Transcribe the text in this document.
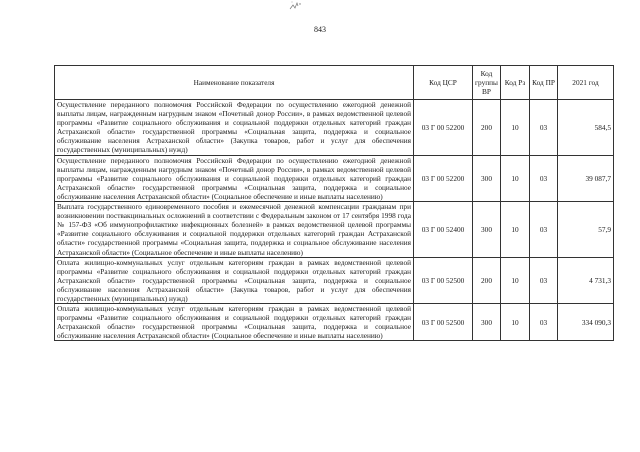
843
Наименование показателя	Код ЦСР	Код группы ВР	Код Рз	Код ПР	2021 год
Осуществление переданного полномочия Российской Федерации по осуществлению ежегодной денежной выплаты лицам, награжденным нагрудным знаком «Почетный донор России», в рамках ведомственной целевой программы «Развитие социального обслуживания и социальной поддержки отдельных категорий граждан Астраханской области» государственной программы «Социальная защита, поддержка и социальное обслуживание населения Астраханской области» (Закупка товаров, работ и услуг для обеспечения государственных (муниципальных) нужд)	03 Г 00 52200	200	10	03	584,5
Осуществление переданного полномочия Российской Федерации по осуществлению ежегодной денежной выплаты лицам, награжденным нагрудным знаком «Почетный донор России», в рамках ведомственной целевой программы «Развитие социального обслуживания и социальной поддержки отдельных категорий граждан Астраханской области» государственной программы «Социальная защита, поддержка и социальное обслуживание населения Астраханской области» (Социальное обеспечение и иные выплаты населению)	03 Г 00 52200	300	10	03	39 087,7
Выплата государственного единовременного пособия и ежемесячной денежной компенсации гражданам при возникновении поствакцинальных осложнений в соответствии с Федеральным законом от 17 сентября 1998 года № 157-ФЗ «Об иммунопрофилактике инфекционных болезней» в рамках ведомственной целевой программы «Развитие социального обслуживания и социальной поддержки отдельных категорий граждан Астраханской области» государственной программы «Социальная защита, поддержка и социальное обслуживание населения Астраханской области» (Социальное обеспечение и иные выплаты населению)	03 Г 00 52400	300	10	03	57,9
Оплата жилищно-коммунальных услуг отдельным категориям граждан в рамках ведомственной целевой программы «Развитие социального обслуживания и социальной поддержки отдельных категорий граждан Астраханской области» государственной программы «Социальная защита, поддержка и социальное обслуживание населения Астраханской области» (Закупка товаров, работ и услуг для обеспечения государственных (муниципальных) нужд)	03 Г 00 52500	200	10	03	4 731,3
Оплата жилищно-коммунальных услуг отдельным категориям граждан в рамках ведомственной целевой программы «Развитие социального обслуживания и социальной поддержки отдельных категорий граждан Астраханской области» государственной программы «Социальная защита, поддержка и социальное обслуживание населения Астраханской области» (Социальное обеспечение и иные выплаты населению)	03 Г 00 52500	300	10	03	334 090,3
